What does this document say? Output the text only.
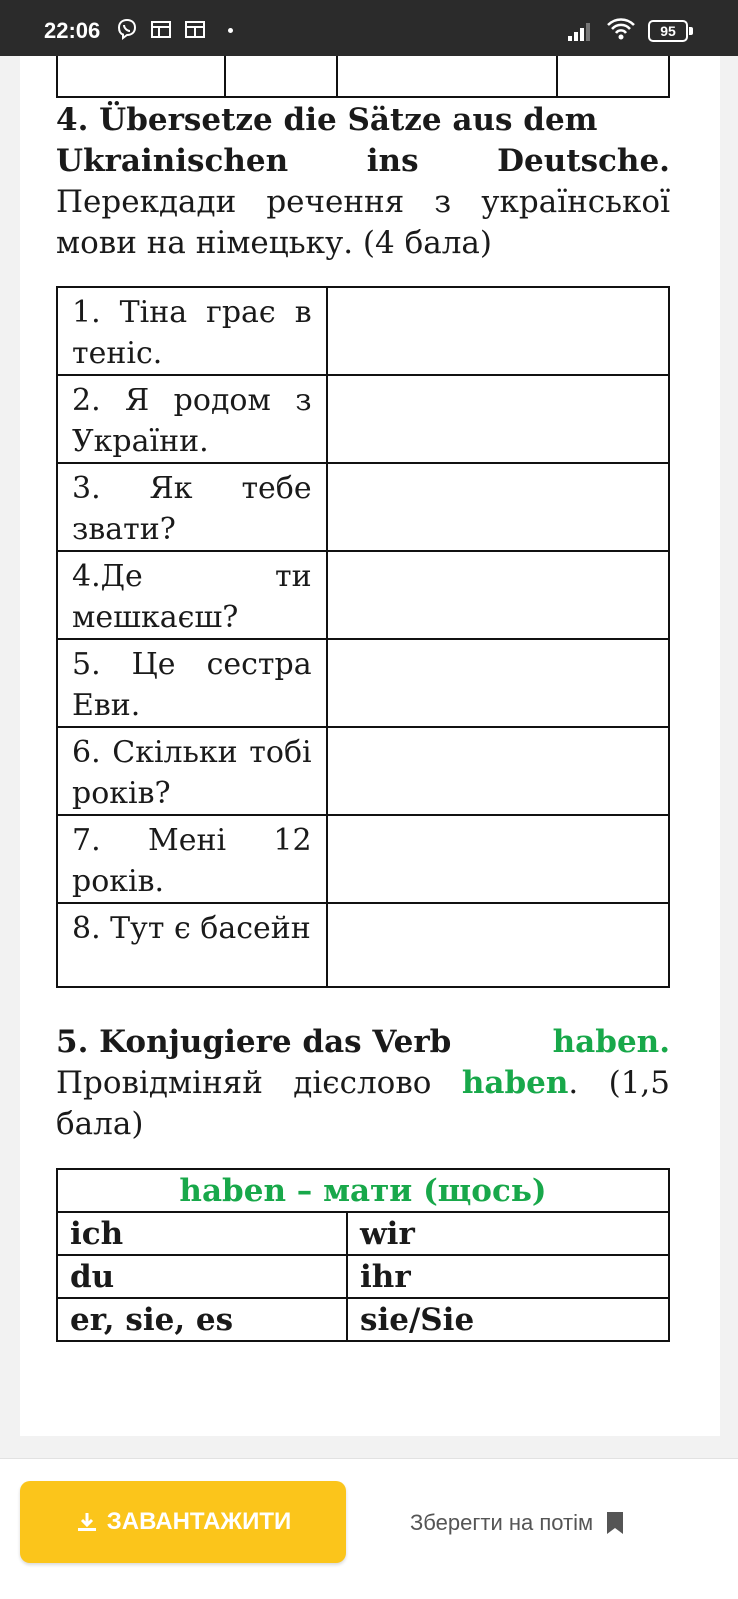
22:06	95
4. Übersetze die Sätze aus dem
Ukrainischen	ins	Deutsche.
Перекдади речення з української мови на німецьку. (4 бала)
1. Тіна грає в теніс.	
2. Я родом з України.	
3. Як тебе звати?	
4.Де ти мешкаєш?	
5. Це сестра Еви.	
6. Скільки тобі років?	
7. Мені 12 років.	
8. Тут є басейн	
5. Konjugiere das Verb	haben.
Провідміняй дієслово haben. (1,5 бала)
haben – мати (щось)	
ich	wir
du	ihr
er, sie, es	sie/Sie
ЗАВАНТАЖИТИ	Зберегти на потім
